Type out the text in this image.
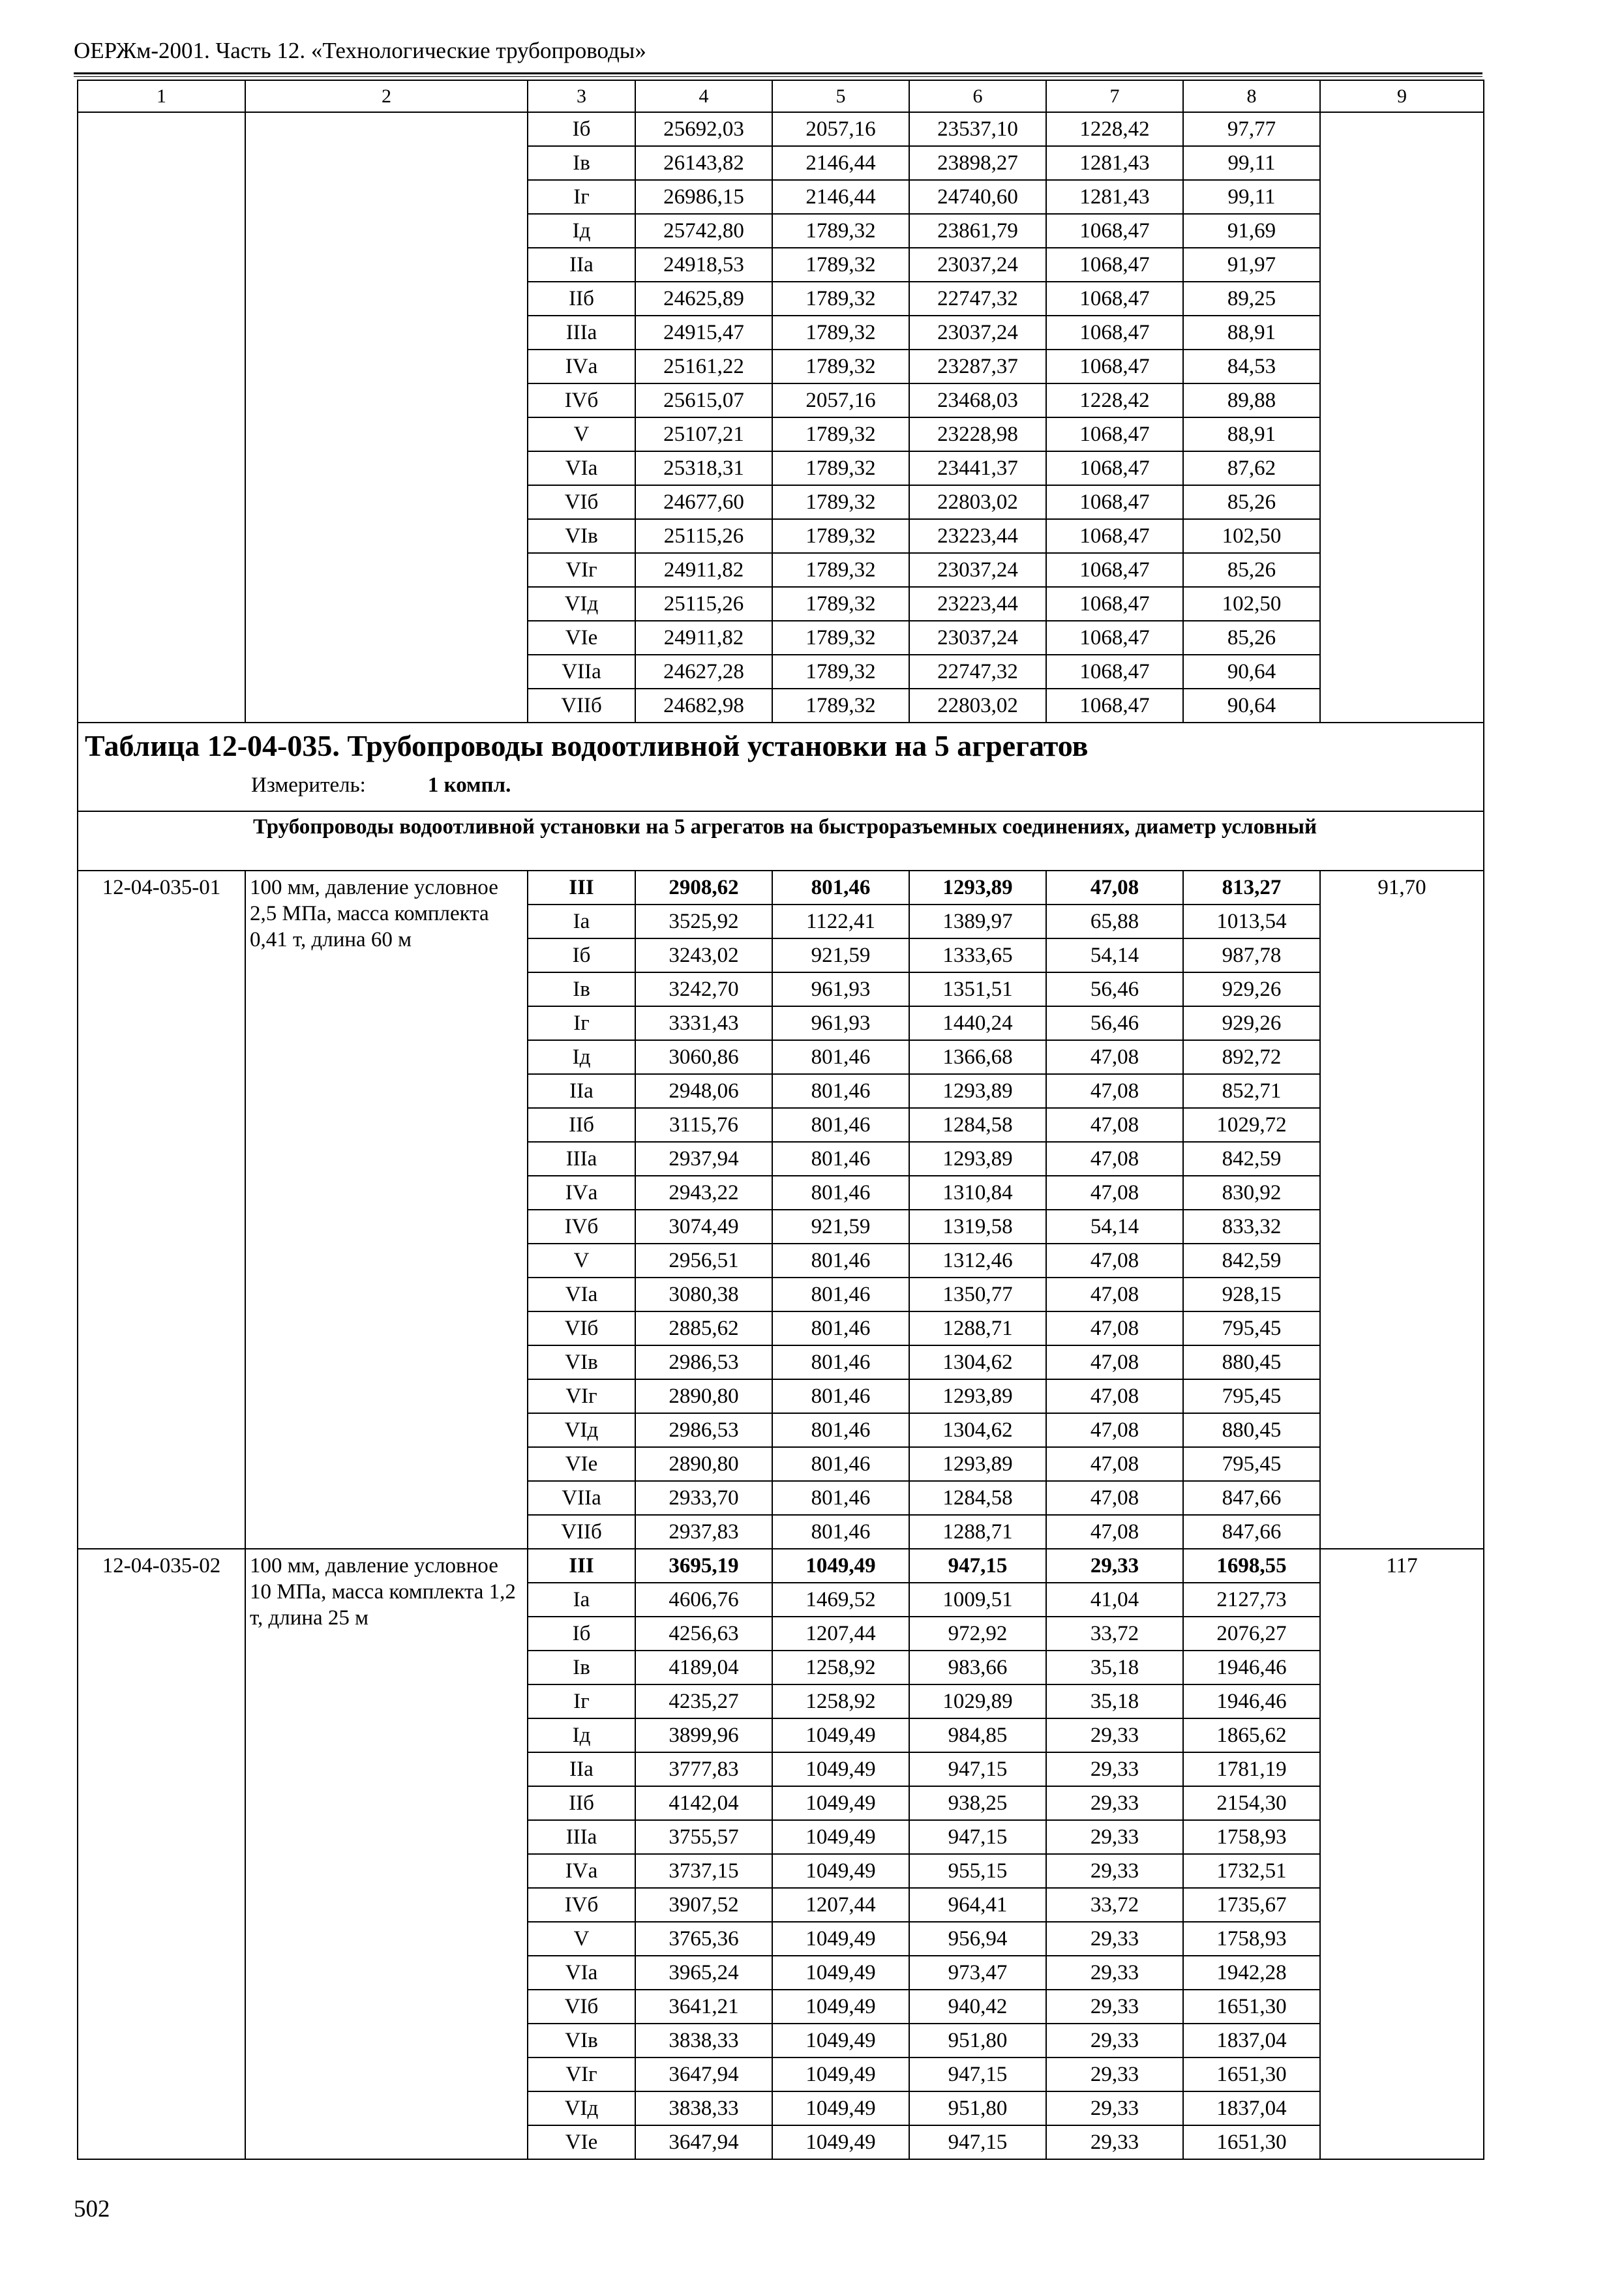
ОЕРЖм-2001. Часть 12. «Технологические трубопроводы»
1	2	3	4	5	6	7	8	9
		Iб	25692,03	2057,16	23537,10	1228,42	97,77	
		Iв	26143,82	2146,44	23898,27	1281,43	99,11	
		Iг	26986,15	2146,44	24740,60	1281,43	99,11	
		Iд	25742,80	1789,32	23861,79	1068,47	91,69	
		IIа	24918,53	1789,32	23037,24	1068,47	91,97	
		IIб	24625,89	1789,32	22747,32	1068,47	89,25	
		IIIа	24915,47	1789,32	23037,24	1068,47	88,91	
		IVа	25161,22	1789,32	23287,37	1068,47	84,53	
		IVб	25615,07	2057,16	23468,03	1228,42	89,88	
		V	25107,21	1789,32	23228,98	1068,47	88,91	
		VIа	25318,31	1789,32	23441,37	1068,47	87,62	
		VIб	24677,60	1789,32	22803,02	1068,47	85,26	
		VIв	25115,26	1789,32	23223,44	1068,47	102,50	
		VIг	24911,82	1789,32	23037,24	1068,47	85,26	
		VIд	25115,26	1789,32	23223,44	1068,47	102,50	
		VIе	24911,82	1789,32	23037,24	1068,47	85,26	
		VIIа	24627,28	1789,32	22747,32	1068,47	90,64	
		VIIб	24682,98	1789,32	22803,02	1068,47	90,64	

Таблица 12-04-035. Трубопроводы водоотливной установки на 5 агрегатов
Измеритель: 1 компл.								

Трубопроводы водоотливной установки на 5 агрегатов на быстроразъемных соединениях, диаметр условный								
12-04-035-01	100 мм, давление условное 2,5 МПа, масса комплекта 0,41 т, длина 60 м	III	2908,62	801,46	1293,89	47,08	813,27	91,70
		Iа	3525,92	1122,41	1389,97	65,88	1013,54	
		Iб	3243,02	921,59	1333,65	54,14	987,78	
		Iв	3242,70	961,93	1351,51	56,46	929,26	
		Iг	3331,43	961,93	1440,24	56,46	929,26	
		Iд	3060,86	801,46	1366,68	47,08	892,72	
		IIа	2948,06	801,46	1293,89	47,08	852,71	
		IIб	3115,76	801,46	1284,58	47,08	1029,72	
		IIIа	2937,94	801,46	1293,89	47,08	842,59	
		IVа	2943,22	801,46	1310,84	47,08	830,92	
		IVб	3074,49	921,59	1319,58	54,14	833,32	
		V	2956,51	801,46	1312,46	47,08	842,59	
		VIа	3080,38	801,46	1350,77	47,08	928,15	
		VIб	2885,62	801,46	1288,71	47,08	795,45	
		VIв	2986,53	801,46	1304,62	47,08	880,45	
		VIг	2890,80	801,46	1293,89	47,08	795,45	
		VIд	2986,53	801,46	1304,62	47,08	880,45	
		VIе	2890,80	801,46	1293,89	47,08	795,45	
		VIIа	2933,70	801,46	1284,58	47,08	847,66	
		VIIб	2937,83	801,46	1288,71	47,08	847,66	
12-04-035-02	100 мм, давление условное 10 МПа, масса комплекта 1,2 т, длина 25 м	III	3695,19	1049,49	947,15	29,33	1698,55	117
		Iа	4606,76	1469,52	1009,51	41,04	2127,73	
		Iб	4256,63	1207,44	972,92	33,72	2076,27	
		Iв	4189,04	1258,92	983,66	35,18	1946,46	
		Iг	4235,27	1258,92	1029,89	35,18	1946,46	
		Iд	3899,96	1049,49	984,85	29,33	1865,62	
		IIа	3777,83	1049,49	947,15	29,33	1781,19	
		IIб	4142,04	1049,49	938,25	29,33	2154,30	
		IIIа	3755,57	1049,49	947,15	29,33	1758,93	
		IVа	3737,15	1049,49	955,15	29,33	1732,51	
		IVб	3907,52	1207,44	964,41	33,72	1735,67	
		V	3765,36	1049,49	956,94	29,33	1758,93	
		VIа	3965,24	1049,49	973,47	29,33	1942,28	
		VIб	3641,21	1049,49	940,42	29,33	1651,30	
		VIв	3838,33	1049,49	951,80	29,33	1837,04	
		VIг	3647,94	1049,49	947,15	29,33	1651,30	
		VIд	3838,33	1049,49	951,80	29,33	1837,04	
		VIе	3647,94	1049,49	947,15	29,33	1651,30	
502
